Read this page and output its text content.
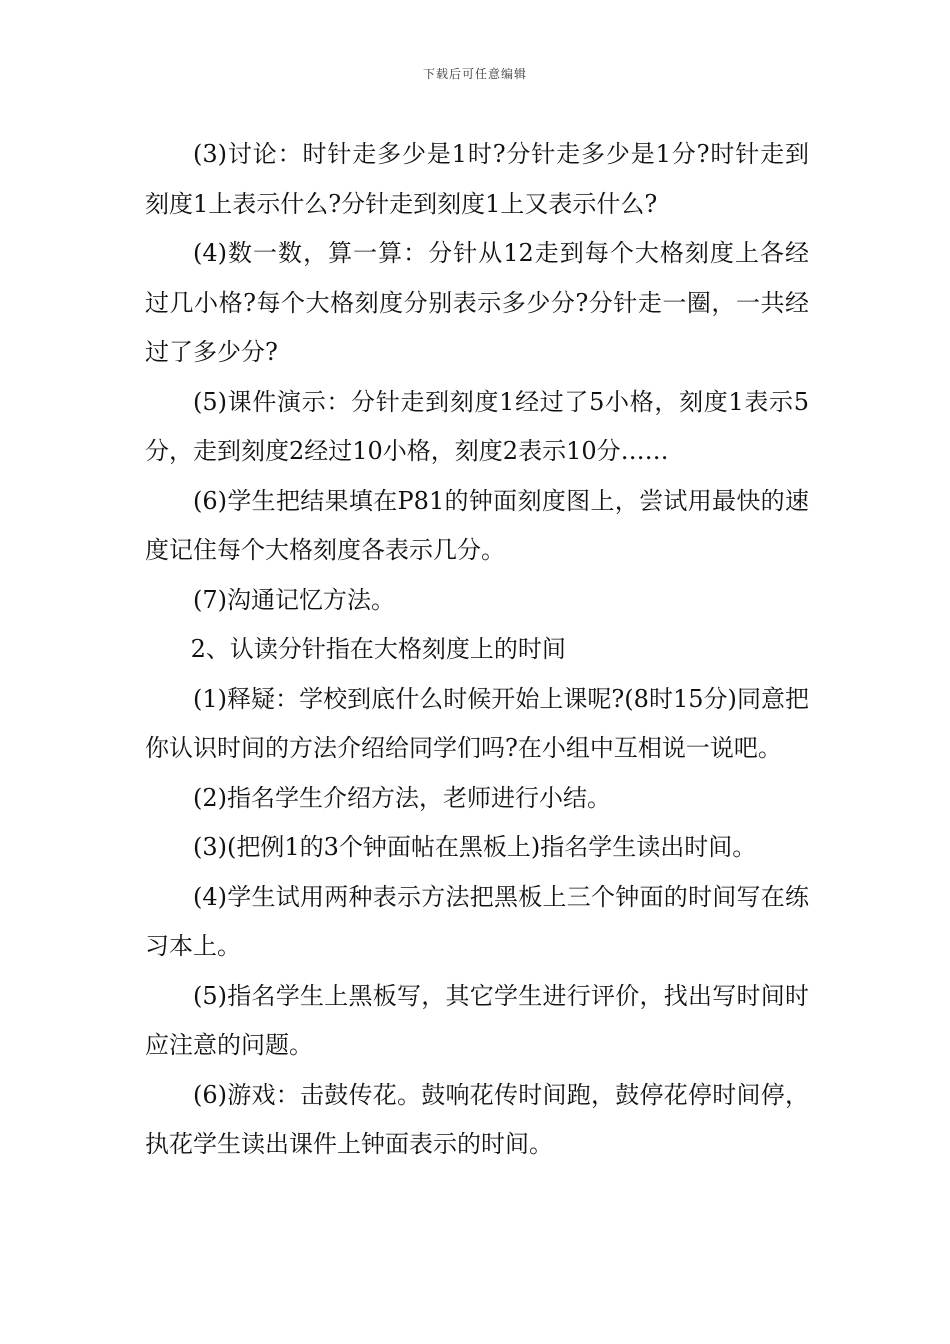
下载后可任意编辑

(3)讨论：时针走多少是1时?分针走多少是1分?时针走到刻度1上表示什么?分针走到刻度1上又表示什么?

(4)数一数，算一算：分针从12走到每个大格刻度上各经过几小格?每个大格刻度分别表示多少分?分针走一圈，一共经过了多少分?

(5)课件演示：分针走到刻度1经过了5小格，刻度1表示5分，走到刻度2经过10小格，刻度2表示10分……

(6)学生把结果填在P81的钟面刻度图上，尝试用最快的速度记住每个大格刻度各表示几分。

(7)沟通记忆方法。

2、认读分针指在大格刻度上的时间

(1)释疑：学校到底什么时候开始上课呢?(8时15分)同意把你认识时间的方法介绍给同学们吗?在小组中互相说一说吧。

(2)指名学生介绍方法，老师进行小结。

(3)(把例1的3个钟面帖在黑板上)指名学生读出时间。

(4)学生试用两种表示方法把黑板上三个钟面的时间写在练习本上。

(5)指名学生上黑板写，其它学生进行评价，找出写时间时应注意的问题。

(6)游戏：击鼓传花。鼓响花传时间跑，鼓停花停时间停，执花学生读出课件上钟面表示的时间。
